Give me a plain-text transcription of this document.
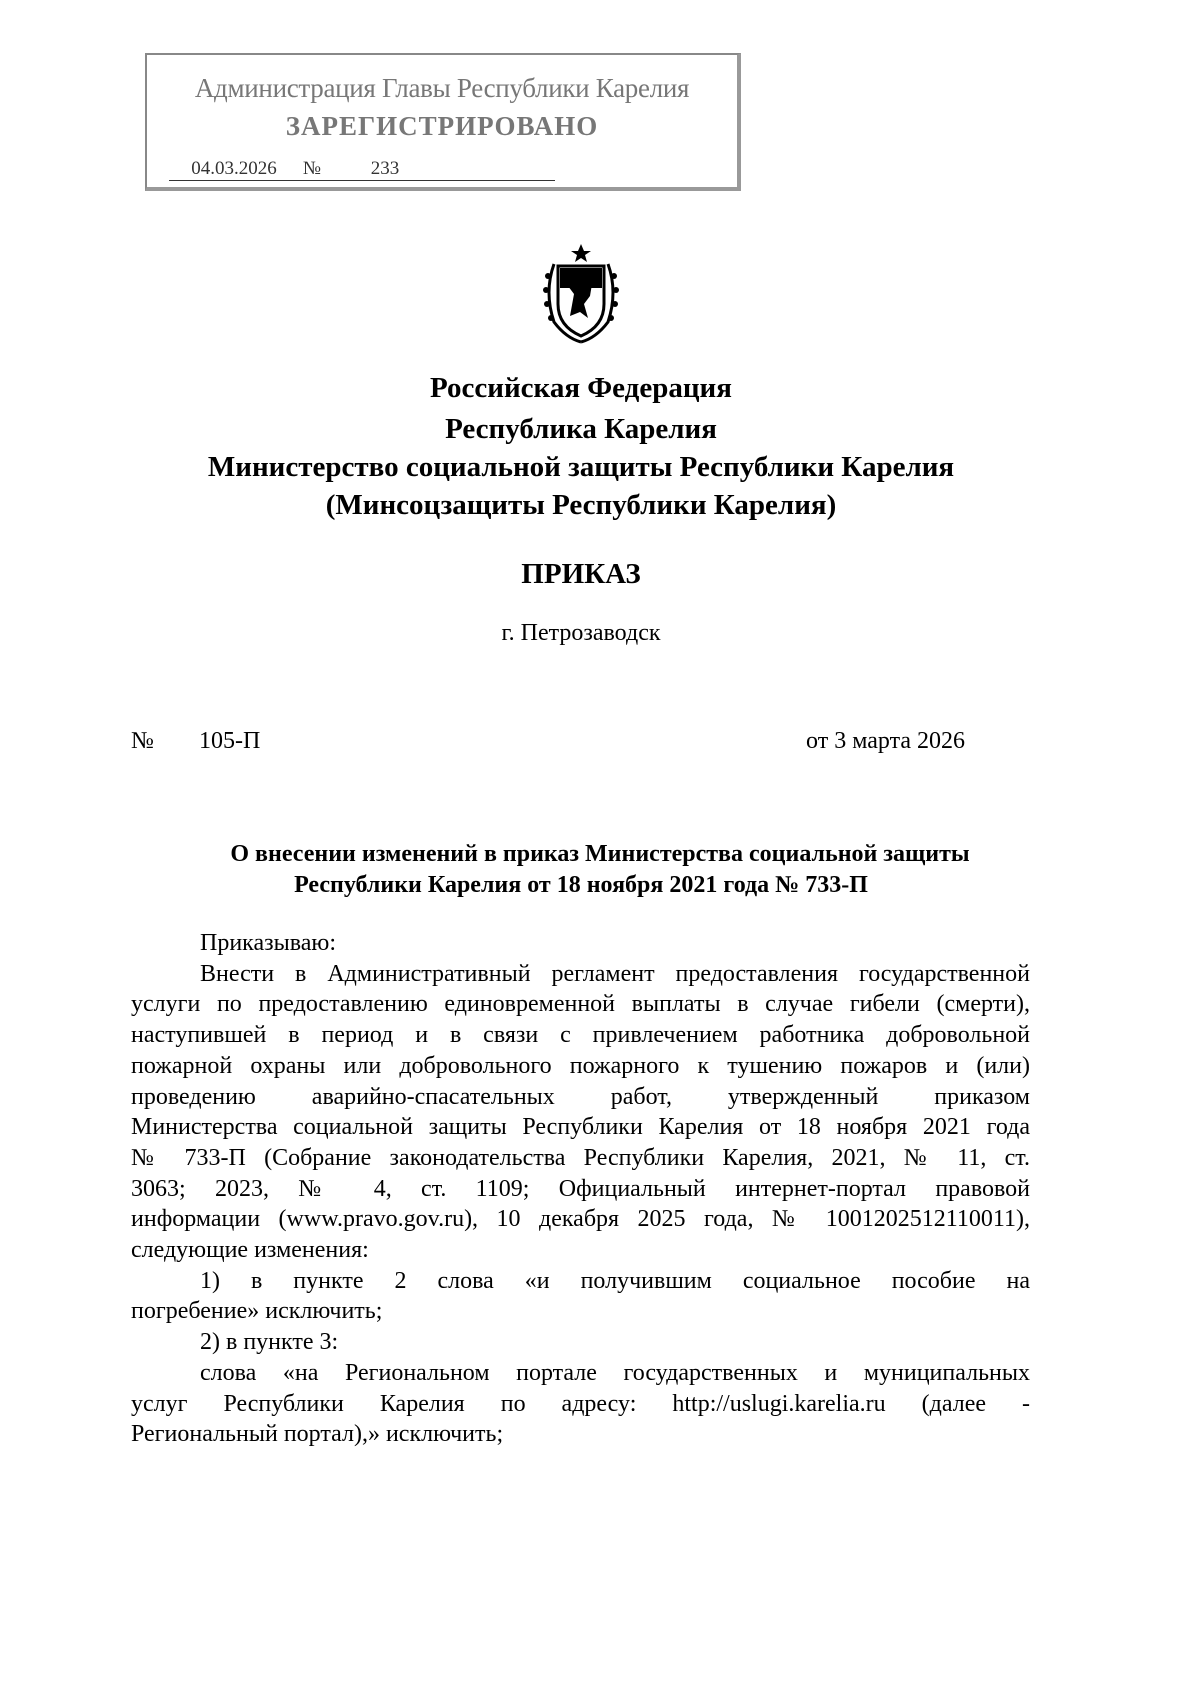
Администрация Главы Республики Карелия
ЗАРЕГИСТРИРОВАНО
04.03.2026 №	233
Российская Федерация
Республика Карелия
Министерство социальной защиты Республики Карелия
(Минсоцзащиты Республики Карелия)
ПРИКАЗ
г. Петрозаводск
№ 105-П	от 3 марта 2026
О внесении изменений в приказ Министерства социальной защиты
Республики Карелия от 18 ноября 2021 года № 733-П
Приказываю:
Внести в Административный регламент предоставления государственной
услуги по предоставлению единовременной выплаты в случае гибели (смерти),
наступившей в период и в связи с привлечением работника добровольной
пожарной охраны или добровольного пожарного к тушению пожаров и (или)
проведению аварийно-спасательных работ, утвержденный приказом
Министерства социальной защиты Республики Карелия от 18 ноября 2021 года
№ 733-П (Собрание законодательства Республики Карелия, 2021, № 11, ст.
3063; 2023, № 4, ст. 1109; Официальный интернет-портал правовой
информации (www.pravo.gov.ru), 10 декабря 2025 года, № 1001202512110011),
следующие изменения:
1) в пункте 2 слова «и получившим социальное пособие на
погребение» исключить;
2) в пункте 3:
слова «на Региональном портале государственных и муниципальных
услуг Республики Карелия по адресу: http://uslugi.karelia.ru (далее -
Региональный портал),» исключить;
